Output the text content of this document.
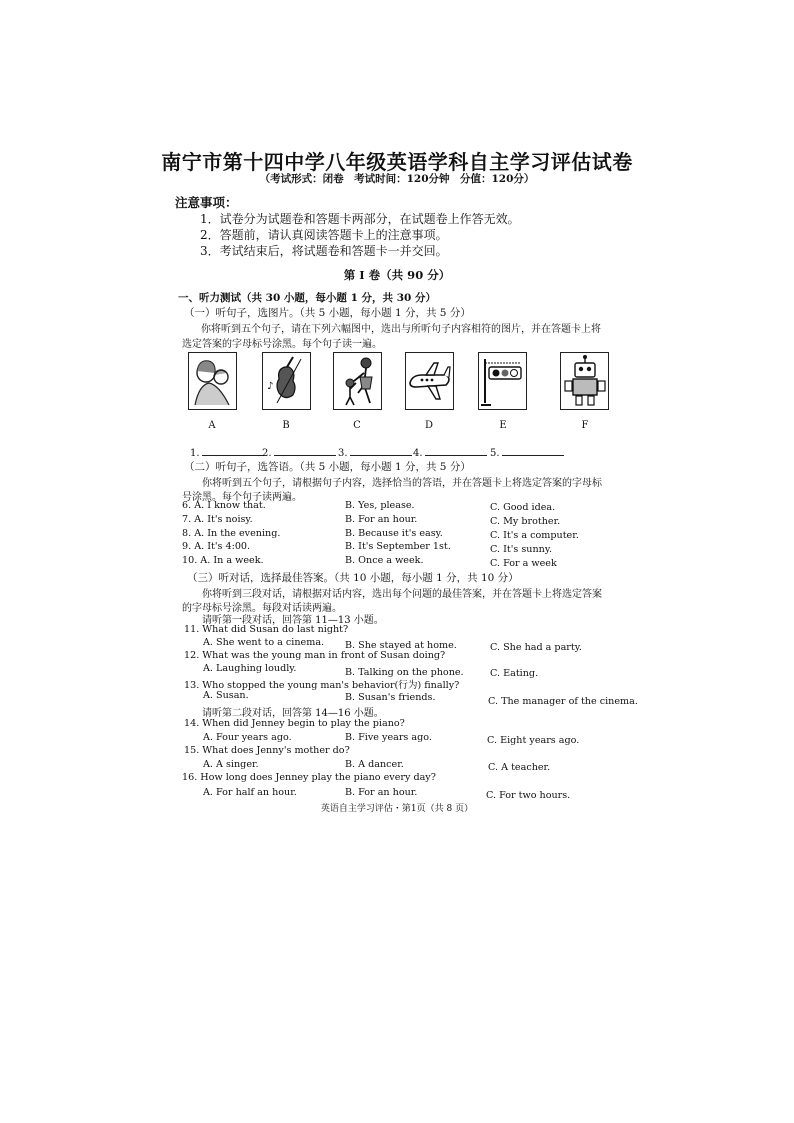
南宁市第十四中学八年级英语学科自主学习评估试卷
（考试形式：闭卷　考试时间：120分钟　分值：120分）
注意事项：
1．试卷分为试题卷和答题卡两部分，在试题卷上作答无效。
2．答题前，请认真阅读答题卡上的注意事项。
3．考试结束后，将试题卷和答题卡一并交回。
第 Ⅰ 卷（共 90 分）
一、听力测试（共 30 小题，每小题 1 分，共 30 分）
（一）听句子，选图片。（共 5 小题，每小题 1 分，共 5 分）
你将听到五个句子，请在下列六幅图中，选出与所听句子内容相符的图片，并在答题卡上将
选定答案的字母标号涂黑。每个句子读一遍。
♪
A	B	C	D	E	F
1.	2.	3.	4.	5.
（二）听句子，选答语。（共 5 小题，每小题 1 分，共 5 分）
你将听到五个句子，请根据句子内容，选择恰当的答语，并在答题卡上将选定答案的字母标
号涂黑。每个句子读两遍。
6. A. I know that.	B. Yes, please.	C. Good idea.
7. A. It's noisy.	B. For an hour.	C. My brother.
8. A. In the evening.	B. Because it's easy.	C. It's a computer.
9. A. It's 4:00.	B. It's September 1st.	C. It's sunny.
10. A. In a week.	B. Once a week.	C. For a week
（三）听对话，选择最佳答案。（共 10 小题，每小题 1 分，共 10 分）
你将听到三段对话，请根据对话内容，选出每个问题的最佳答案，并在答题卡上将选定答案
的字母标号涂黑。每段对话读两遍。
请听第一段对话，回答第 11—13 小题。
11. What did Susan do last night?
A. She went to a cinema. B. She stayed at home.	C. She had a party.
12. What was the young man in front of Susan doing?
A. Laughing loudly.	B. Talking on the phone.	C. Eating.
13. Who stopped the young man's behavior(行为) finally?
A. Susan.	B. Susan's friends.	C. The manager of the cinema.
请听第二段对话，回答第 14—16 小题。
14. When did Jenney begin to play the piano?
A. Four years ago.	B. Five years ago.	C. Eight years ago.
15. What does Jenny's mother do?
A. A singer.	B. A dancer.	C. A teacher.
16. How long does Jenney play the piano every day?
A. For half an hour.	B. For an hour.	C. For two hours.
英语自主学习评估・第1页（共 8 页）
